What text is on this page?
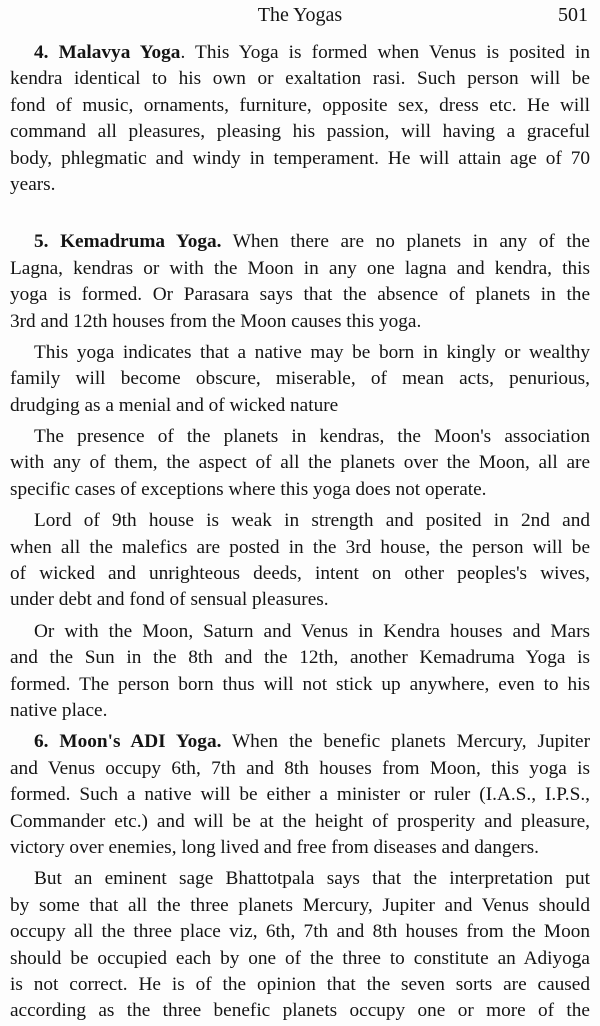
The Yogas	501
4. Malavya Yoga. This Yoga is formed when Venus is posited in
kendra identical to his own or exaltation rasi. Such person will be
fond of music, ornaments, furniture, opposite sex, dress etc. He will
command all pleasures, pleasing his passion, will having a graceful
body, phlegmatic and windy in temperament. He will attain age of 70
years.
5. Kemadruma Yoga. When there are no planets in any of the
Lagna, kendras or with the Moon in any one lagna and kendra, this
yoga is formed. Or Parasara says that the absence of planets in the
3rd and 12th houses from the Moon causes this yoga.
This yoga indicates that a native may be born in kingly or wealthy
family will become obscure, miserable, of mean acts, penurious,
drudging as a menial and of wicked nature
The presence of the planets in kendras, the Moon's association
with any of them, the aspect of all the planets over the Moon, all are
specific cases of exceptions where this yoga does not operate.
Lord of 9th house is weak in strength and posited in 2nd and
when all the malefics are posted in the 3rd house, the person will be
of wicked and unrighteous deeds, intent on other peoples's wives,
under debt and fond of sensual pleasures.
Or with the Moon, Saturn and Venus in Kendra houses and Mars
and the Sun in the 8th and the 12th, another Kemadruma Yoga is
formed. The person born thus will not stick up anywhere, even to his
native place.
6. Moon's ADI Yoga. When the benefic planets Mercury, Jupiter
and Venus occupy 6th, 7th and 8th houses from Moon, this yoga is
formed. Such a native will be either a minister or ruler (I.A.S., I.P.S.,
Commander etc.) and will be at the height of prosperity and pleasure,
victory over enemies, long lived and free from diseases and dangers.
But an eminent sage Bhattotpala says that the interpretation put
by some that all the three planets Mercury, Jupiter and Venus should
occupy all the three place viz, 6th, 7th and 8th houses from the Moon
should be occupied each by one of the three to constitute an Adiyoga
is not correct. He is of the opinion that the seven sorts are caused
according as the three benefic planets occupy one or more of the
